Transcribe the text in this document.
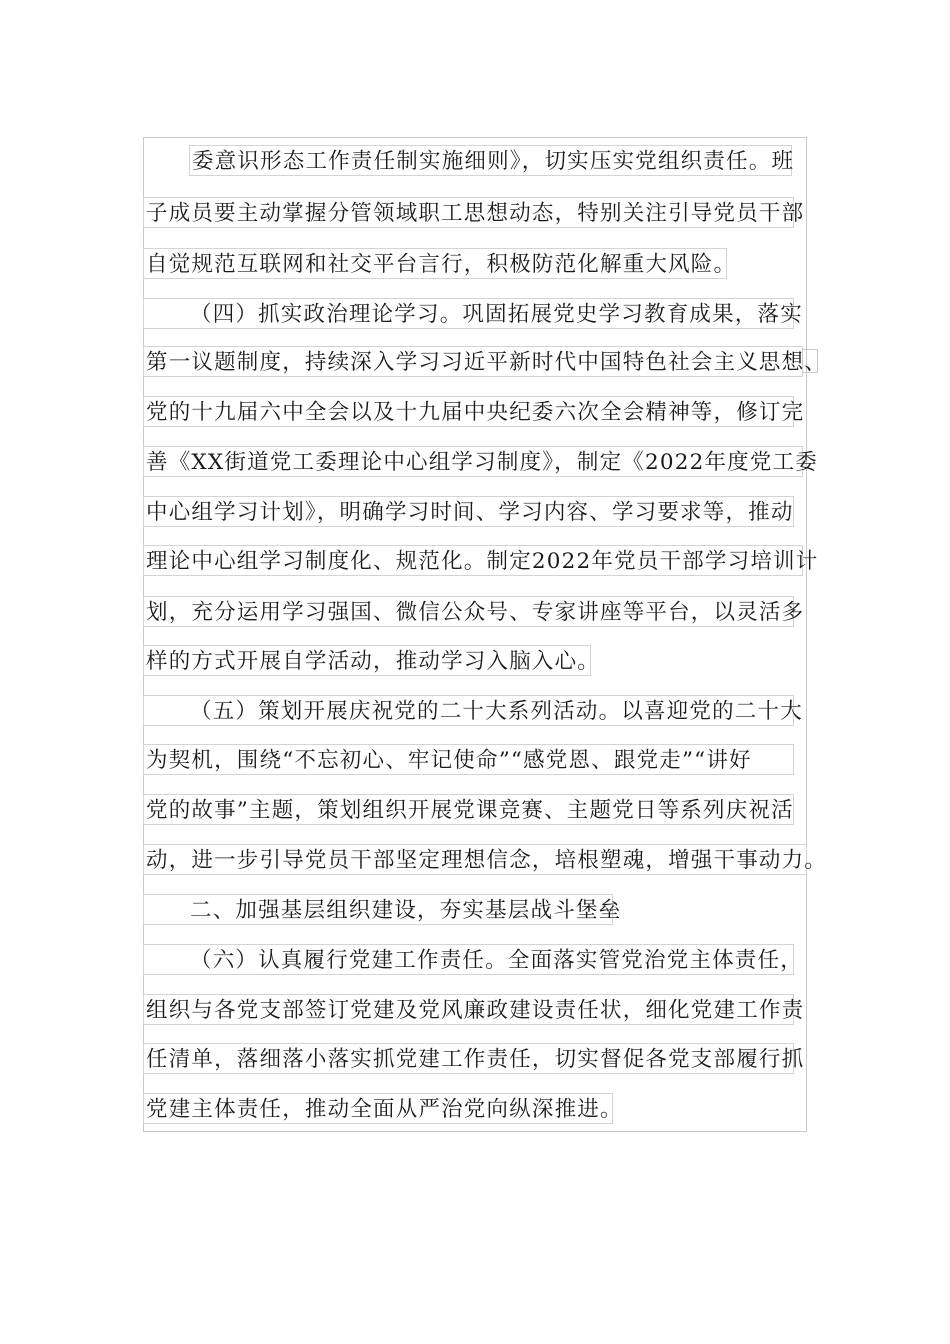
委意识形态工作责任制实施细则》，切实压实党组织责任。班
子成员要主动掌握分管领域职工思想动态，特别关注引导党员干部
自觉规范互联网和社交平台言行，积极防范化解重大风险。
（四）抓实政治理论学习。巩固拓展党史学习教育成果，落实
第一议题制度，持续深入学习习近平新时代中国特色社会主义思想、
党的十九届六中全会以及十九届中央纪委六次全会精神等，修订完
善《XX街道党工委理论中心组学习制度》，制定《2022年度党工委
中心组学习计划》，明确学习时间、学习内容、学习要求等，推动
理论中心组学习制度化、规范化。制定2022年党员干部学习培训计
划，充分运用学习强国、微信公众号、专家讲座等平台，以灵活多
样的方式开展自学活动，推动学习入脑入心。
（五）策划开展庆祝党的二十大系列活动。以喜迎党的二十大
为契机，围绕“不忘初心、牢记使命”“感党恩、跟党走”“讲好
党的故事”主题，策划组织开展党课竞赛、主题党日等系列庆祝活
动，进一步引导党员干部坚定理想信念，培根塑魂，增强干事动力。
二、加强基层组织建设，夯实基层战斗堡垒
（六）认真履行党建工作责任。全面落实管党治党主体责任，
组织与各党支部签订党建及党风廉政建设责任状，细化党建工作责
任清单，落细落小落实抓党建工作责任，切实督促各党支部履行抓
党建主体责任，推动全面从严治党向纵深推进。
